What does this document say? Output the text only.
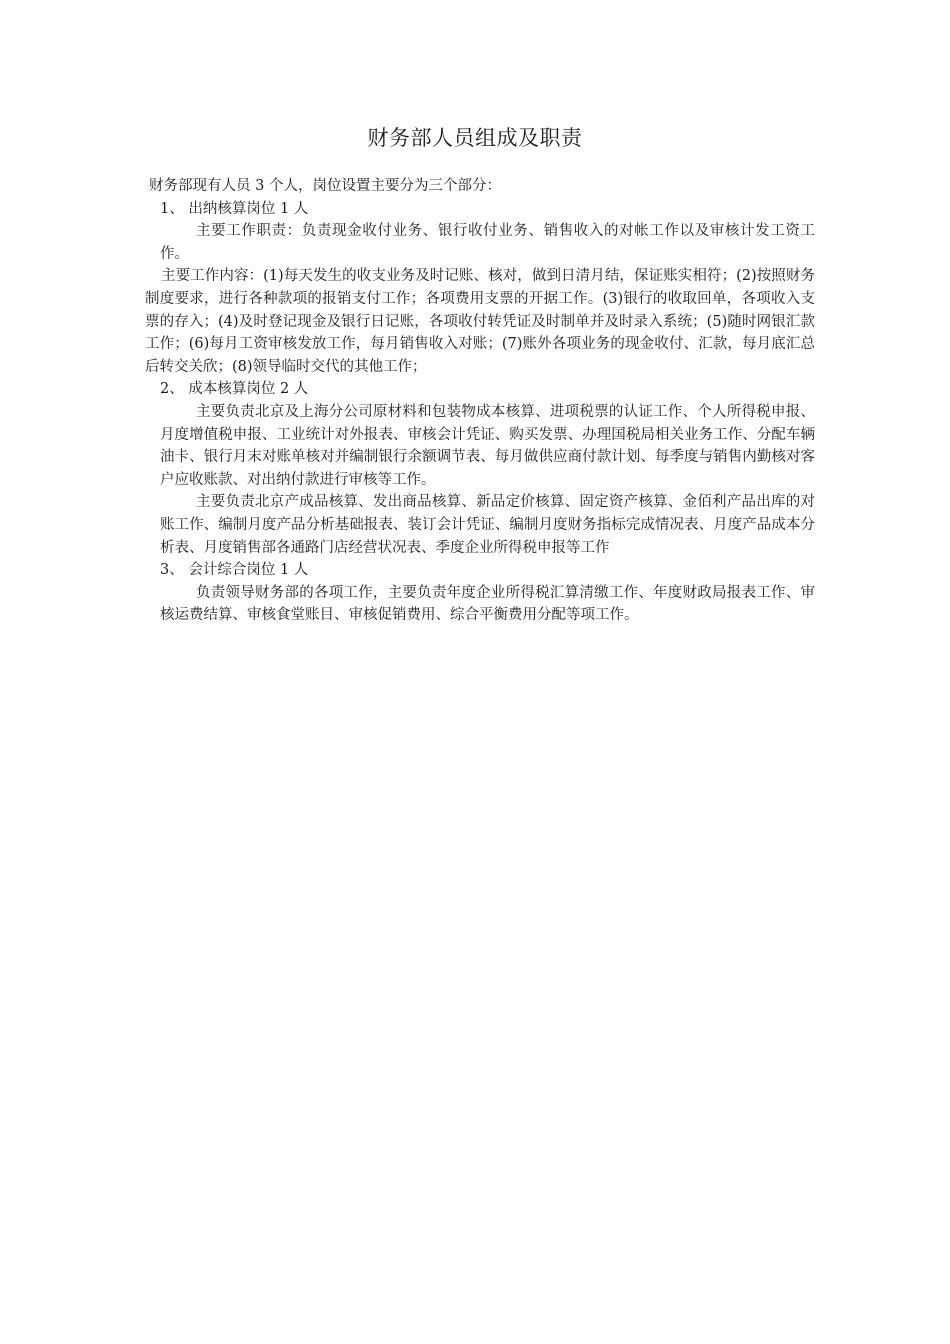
财务部人员组成及职责

财务部现有人员 3 个人，岗位设置主要分为三个部分：

1、 出纳核算岗位 1 人

主要工作职责：负责现金收付业务、银行收付业务、销售收入的对帐工作以及审核计发工资工作。

主要工作内容：(1)每天发生的收支业务及时记账、核对，做到日清月结，保证账实相符；(2)按照财务制度要求，进行各种款项的报销支付工作；各项费用支票的开据工作。(3)银行的收取回单，各项收入支票的存入；(4)及时登记现金及银行日记账，各项收付转凭证及时制单并及时录入系统；(5)随时网银汇款工作；(6)每月工资审核发放工作，每月销售收入对账；(7)账外各项业务的现金收付、汇款，每月底汇总后转交关欣；(8)领导临时交代的其他工作；

2、 成本核算岗位 2 人

主要负责北京及上海分公司原材料和包装物成本核算、进项税票的认证工作、个人所得税申报、月度增值税申报、工业统计对外报表、审核会计凭证、购买发票、办理国税局相关业务工作、分配车辆油卡、银行月末对账单核对并编制银行余额调节表、每月做供应商付款计划、每季度与销售内勤核对客户应收账款、对出纳付款进行审核等工作。

主要负责北京产成品核算、发出商品核算、新品定价核算、固定资产核算、金佰利产品出库的对账工作、编制月度产品分析基础报表、装订会计凭证、编制月度财务指标完成情况表、月度产品成本分析表、月度销售部各通路门店经营状况表、季度企业所得税申报等工作

3、 会计综合岗位 1 人

负责领导财务部的各项工作，主要负责年度企业所得税汇算清缴工作、年度财政局报表工作、审核运费结算、审核食堂账目、审核促销费用、综合平衡费用分配等项工作。
